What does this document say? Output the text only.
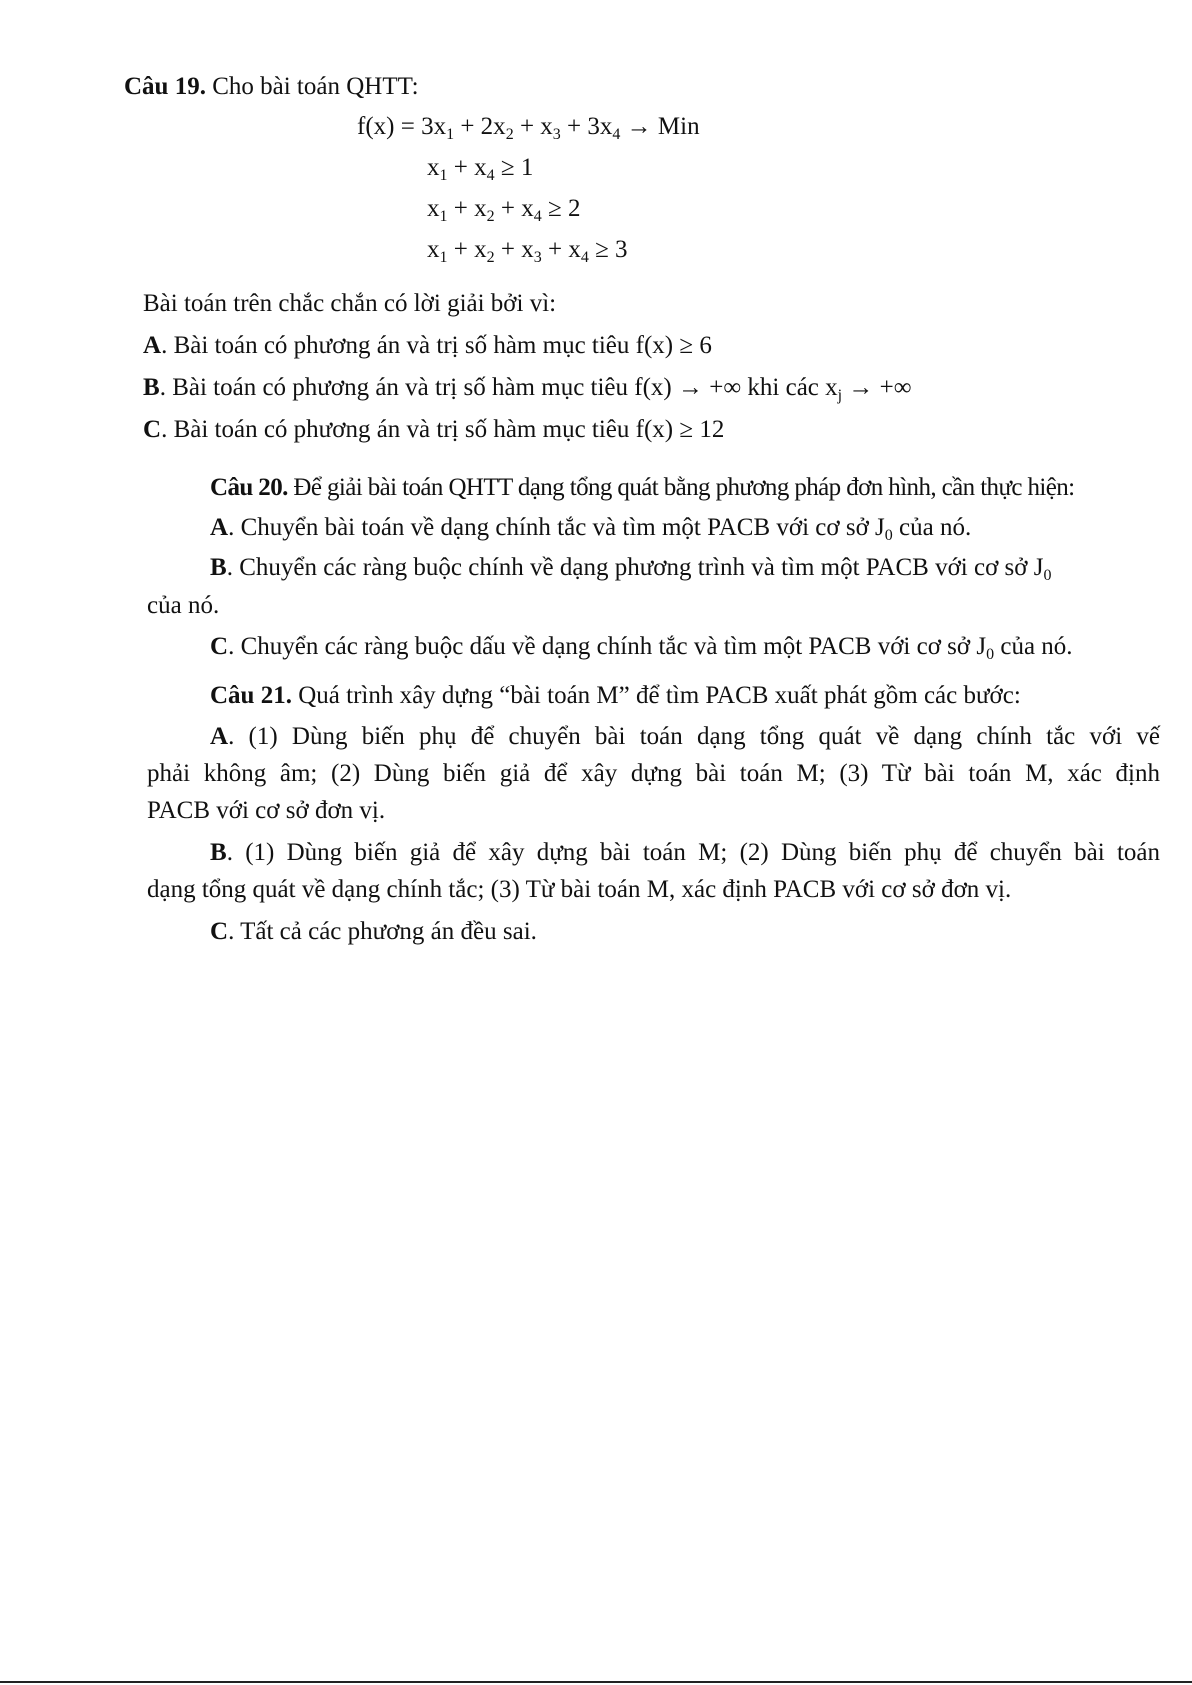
Câu 19. Cho bài toán QHTT:
$f(x) = 3x_1 + 2x_2 + x_3 + 3x_4$ → Min
$x_1 + x_4 \ge 1$
$x_1 + x_2 + x_4 \ge 2$
$x_1 + x_2 + x_3 + x_4 \ge 3$
Bài toán trên chắc chắn có lời giải bởi vì:
A. Bài toán có phương án và trị số hàm mục tiêu f(x) ≥ 6
B. Bài toán có phương án và trị số hàm mục tiêu f(x) → +∞ khi các $x_j$ → +∞
C. Bài toán có phương án và trị số hàm mục tiêu f(x) ≥ 12
Câu 20. Để giải bài toán QHTT dạng tổng quát bằng phương pháp đơn hình, cần thực hiện:
A. Chuyển bài toán về dạng chính tắc và tìm một PACB với cơ sở $J_0$ của nó.
B. Chuyển các ràng buộc chính về dạng phương trình và tìm một PACB với cơ sở $J_0$
của nó.
C. Chuyển các ràng buộc dấu về dạng chính tắc và tìm một PACB với cơ sở $J_0$ của nó.
Câu 21. Quá trình xây dựng “bài toán M” để tìm PACB xuất phát gồm các bước:
A. (1) Dùng biến phụ để chuyển bài toán dạng tổng quát về dạng chính tắc với vế
phải không âm; (2) Dùng biến giả để xây dựng bài toán M; (3) Từ bài toán M, xác định
PACB với cơ sở đơn vị.
B. (1) Dùng biến giả để xây dựng bài toán M; (2) Dùng biến phụ để chuyển bài toán
dạng tổng quát về dạng chính tắc; (3) Từ bài toán M, xác định PACB với cơ sở đơn vị.
C. Tất cả các phương án đều sai.
